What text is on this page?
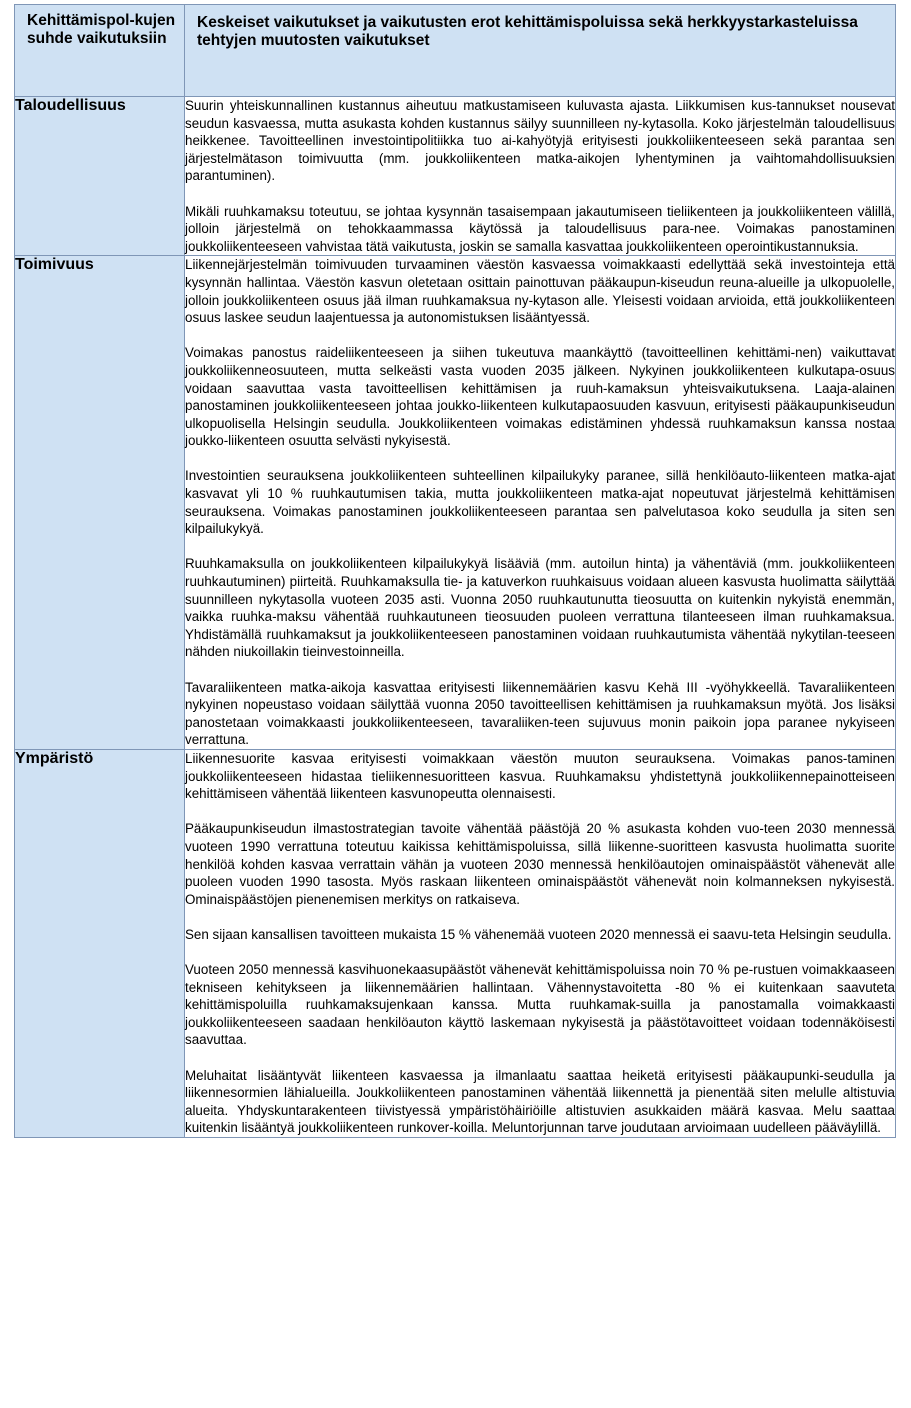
Kehittämispol-kujen suhde vaikutuksiin	Keskeiset vaikutukset ja vaikutusten erot kehittämispoluissa sekä herkkyystarkasteluissa tehtyjen muutosten vaikutukset
Taloudellisuus	Suurin yhteiskunnallinen kustannus aiheutuu matkustamiseen kuluvasta ajasta. Liikkumisen kus-tannukset nousevat seudun kasvaessa, mutta asukasta kohden kustannus säilyy suunnilleen ny-kytasolla. Koko järjestelmän taloudellisuus heikkenee. Tavoitteellinen investointipolitiikka tuo ai-kahyötyjä erityisesti joukkoliikenteeseen sekä parantaa sen järjestelmätason toimivuutta (mm. joukkoliikenteen matka-aikojen lyhentyminen ja vaihtomahdollisuuksien parantuminen).

Mikäli ruuhkamaksu toteutuu, se johtaa kysynnän tasaisempaan jakautumiseen tieliikenteen ja joukkoliikenteen välillä, jolloin järjestelmä on tehokkaammassa käytössä ja taloudellisuus para-nee. Voimakas panostaminen joukkoliikenteeseen vahvistaa tätä vaikutusta, joskin se samalla kasvattaa joukkoliikenteen operointikustannuksia.

Toimivuus	Liikennejärjestelmän toimivuuden turvaaminen väestön kasvaessa voimakkaasti edellyttää sekä investointeja että kysynnän hallintaa. Väestön kasvun oletetaan osittain painottuvan pääkaupun-kiseudun reuna-alueille ja ulkopuolelle, jolloin joukkoliikenteen osuus jää ilman ruuhkamaksua ny-kytason alle. Yleisesti voidaan arvioida, että joukkoliikenteen osuus laskee seudun laajentuessa ja autonomistuksen lisääntyessä.

Voimakas panostus raideliikenteeseen ja siihen tukeutuva maankäyttö (tavoitteellinen kehittämi-nen) vaikuttavat joukkoliikenneosuuteen, mutta selkeästi vasta vuoden 2035 jälkeen. Nykyinen joukkoliikenteen kulkutapa-osuus voidaan saavuttaa vasta tavoitteellisen kehittämisen ja ruuh-kamaksun yhteisvaikutuksena. Laaja-alainen panostaminen joukkoliikenteeseen johtaa joukko-liikenteen kulkutapaosuuden kasvuun, erityisesti pääkaupunkiseudun ulkopuolisella Helsingin seudulla. Joukkoliikenteen voimakas edistäminen yhdessä ruuhkamaksun kanssa nostaa joukko-liikenteen osuutta selvästi nykyisestä.

Investointien seurauksena joukkoliikenteen suhteellinen kilpailukyky paranee, sillä henkilöauto-liikenteen matka-ajat kasvavat yli 10 % ruuhkautumisen takia, mutta joukkoliikenteen matka-ajat nopeutuvat järjestelmä kehittämisen seurauksena. Voimakas panostaminen joukkoliikenteeseen parantaa sen palvelutasoa koko seudulla ja siten sen kilpailukykyä.

Ruuhkamaksulla on joukkoliikenteen kilpailukykyä lisääviä (mm. autoilun hinta) ja vähentäviä (mm. joukkoliikenteen ruuhkautuminen) piirteitä. Ruuhkamaksulla tie- ja katuverkon ruuhkaisuus voidaan alueen kasvusta huolimatta säilyttää suunnilleen nykytasolla vuoteen 2035 asti. Vuonna 2050 ruuhkautunutta tieosuutta on kuitenkin nykyistä enemmän, vaikka ruuhka-maksu vähentää ruuhkautuneen tieosuuden puoleen verrattuna tilanteeseen ilman ruuhkamaksua. Yhdistämällä ruuhkamaksut ja joukkoliikenteeseen panostaminen voidaan ruuhkautumista vähentää nykytilan-teeseen nähden niukoillakin tieinvestoinneilla.

Tavaraliikenteen matka-aikoja kasvattaa erityisesti liikennemäärien kasvu Kehä III -vyöhykkeellä. Tavaraliikenteen nykyinen nopeustaso voidaan säilyttää vuonna 2050 tavoitteellisen kehittämisen ja ruuhkamaksun myötä. Jos lisäksi panostetaan voimakkaasti joukkoliikenteeseen, tavaraliiken-teen sujuvuus monin paikoin jopa paranee nykyiseen verrattuna.

Ympäristö	Liikennesuorite kasvaa erityisesti voimakkaan väestön muuton seurauksena. Voimakas panos-taminen joukkoliikenteeseen hidastaa tieliikennesuoritteen kasvua. Ruuhkamaksu yhdistettynä joukkoliikennepainotteiseen kehittämiseen vähentää liikenteen kasvunopeutta olennaisesti.

Pääkaupunkiseudun ilmastostrategian tavoite vähentää päästöjä 20 % asukasta kohden vuo-teen 2030 mennessä vuoteen 1990 verrattuna toteutuu kaikissa kehittämispoluissa, sillä liikenne-suoritteen kasvusta huolimatta suorite henkilöä kohden kasvaa verrattain vähän ja vuoteen 2030 mennessä henkilöautojen ominaispäästöt vähenevät alle puoleen vuoden 1990 tasosta. Myös raskaan liikenteen ominaispäästöt vähenevät noin kolmanneksen nykyisestä. Ominaispäästöjen pienenemisen merkitys on ratkaiseva.

Sen sijaan kansallisen tavoitteen mukaista 15 % vähenemää vuoteen 2020 mennessä ei saavu-teta Helsingin seudulla.

Vuoteen 2050 mennessä kasvihuonekaasupäästöt vähenevät kehittämispoluissa noin 70 % pe-rustuen voimakkaaseen tekniseen kehitykseen ja liikennemäärien hallintaan. Vähennystavoitetta -80 % ei kuitenkaan saavuteta kehittämispoluilla ruuhkamaksujenkaan kanssa. Mutta ruuhkamak-suilla ja panostamalla voimakkaasti joukkoliikenteeseen saadaan henkilöauton käyttö laskemaan nykyisestä ja päästötavoitteet voidaan todennäköisesti saavuttaa.

Meluhaitat lisääntyvät liikenteen kasvaessa ja ilmanlaatu saattaa heiketä erityisesti pääkaupunki-seudulla ja liikennesormien lähialueilla. Joukkoliikenteen panostaminen vähentää liikennettä ja pienentää siten melulle altistuvia alueita. Yhdyskuntarakenteen tiivistyessä ympäristöhäiriöille altistuvien asukkaiden määrä kasvaa. Melu saattaa kuitenkin lisääntyä joukkoliikenteen runkover-koilla. Meluntorjunnan tarve joudutaan arvioimaan uudelleen pääväylillä.
